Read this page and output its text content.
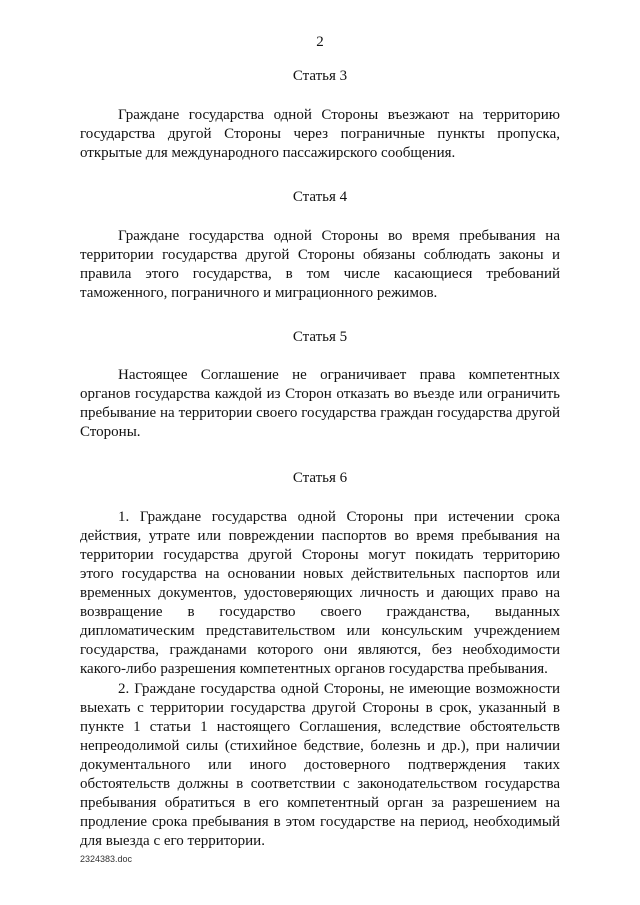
2

Статья 3

Граждане государства одной Стороны въезжают на территорию государства другой Стороны через пограничные пункты пропуска, открытые для международного пассажирского сообщения.

Статья 4

Граждане государства одной Стороны во время пребывания на территории государства другой Стороны обязаны соблюдать законы и правила этого государства, в том числе касающиеся требований таможенного, пограничного и миграционного режимов.

Статья 5

Настоящее Соглашение не ограничивает права компетентных органов государства каждой из Сторон отказать во въезде или ограничить пребывание на территории своего государства граждан государства другой Стороны.

Статья 6

1. Граждане государства одной Стороны при истечении срока действия, утрате или повреждении паспортов во время пребывания на территории государства другой Стороны могут покидать территорию этого государства на основании новых действительных паспортов или временных документов, удостоверяющих личность и дающих право на возвращение в государство своего гражданства, выданных дипломатическим представительством или консульским учреждением государства, гражданами которого они являются, без необходимости какого-либо разрешения компетентных органов государства пребывания.

2. Граждане государства одной Стороны, не имеющие возможности выехать с территории государства другой Стороны в срок, указанный в пункте 1 статьи 1 настоящего Соглашения, вследствие обстоятельств непреодолимой силы (стихийное бедствие, болезнь и др.), при наличии документального или иного достоверного подтверждения таких обстоятельств должны в соответствии с законодательством государства пребывания обратиться в его компетентный орган за разрешением на продление срока пребывания в этом государстве на период, необходимый для выезда с его территории.

2324383.doc
